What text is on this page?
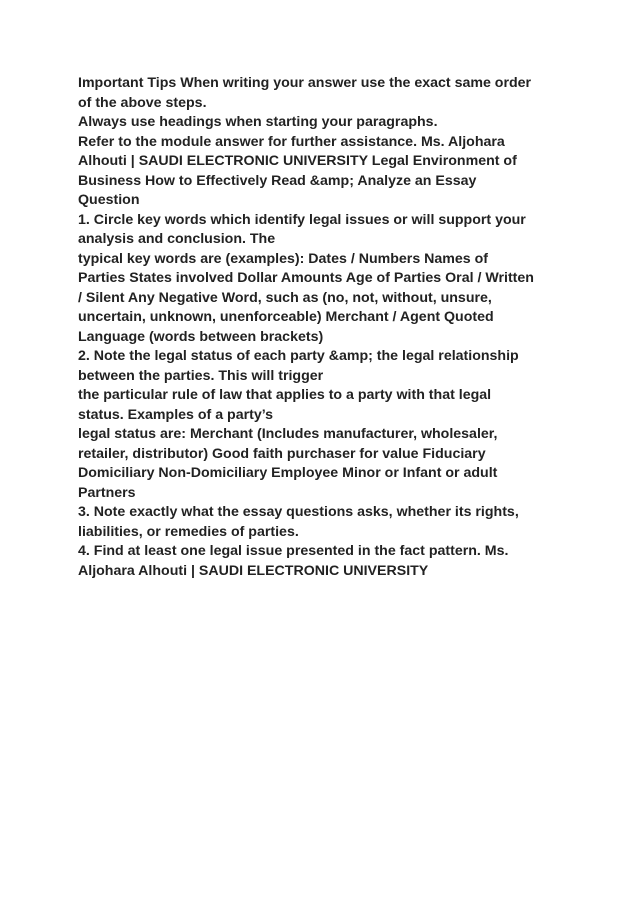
Important Tips When writing your answer use the exact same order
of the above steps.
Always use headings when starting your paragraphs.
Refer to the module answer for further assistance. Ms. Aljohara
Alhouti | SAUDI ELECTRONIC UNIVERSITY Legal Environment of
Business How to Effectively Read &amp; Analyze an Essay
Question
1. Circle key words which identify legal issues or will support your
analysis and conclusion. The
typical key words are (examples): Dates / Numbers Names of
Parties States involved Dollar Amounts Age of Parties Oral / Written
/ Silent Any Negative Word, such as (no, not, without, unsure,
uncertain, unknown, unenforceable) Merchant / Agent Quoted
Language (words between brackets)
2. Note the legal status of each party &amp; the legal relationship
between the parties. This will trigger
the particular rule of law that applies to a party with that legal
status. Examples of a party’s
legal status are: Merchant (Includes manufacturer, wholesaler,
retailer, distributor) Good faith purchaser for value Fiduciary
Domiciliary Non-Domiciliary Employee Minor or Infant or adult
Partners
3. Note exactly what the essay questions asks, whether its rights,
liabilities, or remedies of parties.
4. Find at least one legal issue presented in the fact pattern. Ms.
Aljohara Alhouti | SAUDI ELECTRONIC UNIVERSITY
